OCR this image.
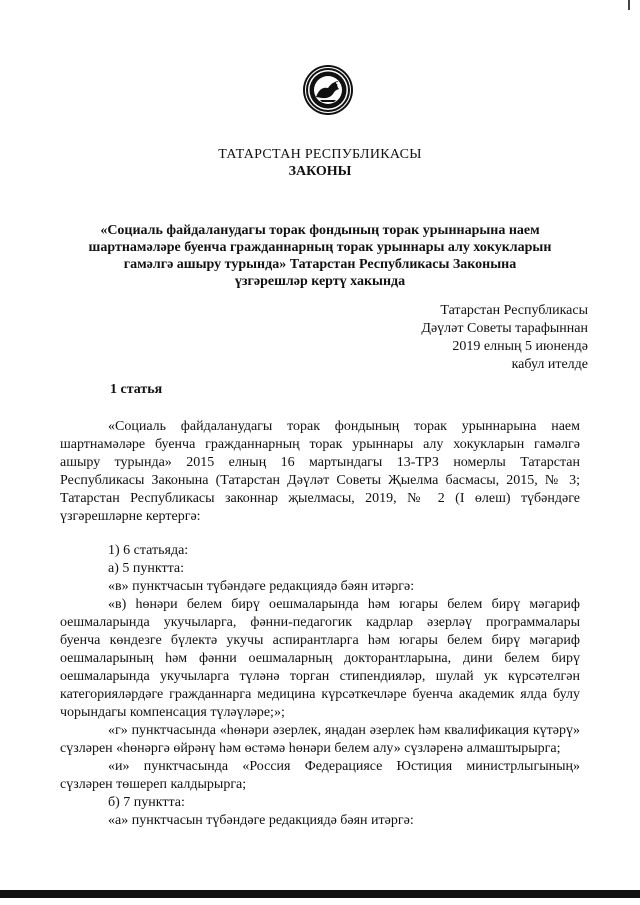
ТАТАРСТАН РЕСПУБЛИКАСЫ
ЗАКОНЫ
«Социаль файдаланудагы торак фондының торак урыннарына наем
шартнамәләре буенча гражданнарның торак урыннары алу хокукларын
гамәлгә ашыру турында» Татарстан Республикасы Законына
үзгәрешләр кертү хакында
Татарстан Республикасы
Дәүләт Советы тарафыннан
2019 елның 5 июнендә
кабул ителде
1 статья
«Социаль файдаланудагы торак фондының торак урыннарына наем
шартнамәләре буенча гражданнарның торак урыннары алу хокукларын гамәлгә
ашыру турында» 2015 елның 16 мартындагы 13-ТРЗ номерлы Татарстан
Республикасы Законына (Татарстан Дәүләт Советы Җыелма басмасы, 2015, № 3;
Татарстан Республикасы законнар җыелмасы, 2019, № 2 (I өлеш) түбәндәге
үзгәрешләрне кертергә:
1) 6 статьяда:
а) 5 пунктта:
«в» пунктчасын түбәндәге редакциядә бәян итәргә:
«в) һөнәри белем бирү оешмаларында һәм югары белем бирү мәгариф
оешмаларында укучыларга, фәнни-педагогик кадрлар әзерләү программалары
буенча көндезге бүлектә укучы аспирантларга һәм югары белем бирү мәгариф
оешмаларының һәм фәнни оешмаларның докторантларына, дини белем бирү
оешмаларында укучыларга түләнә торган стипендияләр, шулай ук күрсәтелгән
категорияләрдәге гражданнарга медицина күрсәткечләре буенча академик ялда булу
чорындагы компенсация түләүләре;»;
«г» пунктчасында «һөнәри әзерлек, яңадан әзерлек һәм квалификация күтәрү»
сүзләрен «һөнәргә өйрәнү һәм өстәмә һөнәри белем алу» сүзләренә алмаштырырга;
«и» пунктчасында «Россия Федерациясе Юстиция министрлыгының»
сүзләрен төшереп калдырырга;
б) 7 пунктта:
«а» пунктчасын түбәндәге редакциядә бәян итәргә:
